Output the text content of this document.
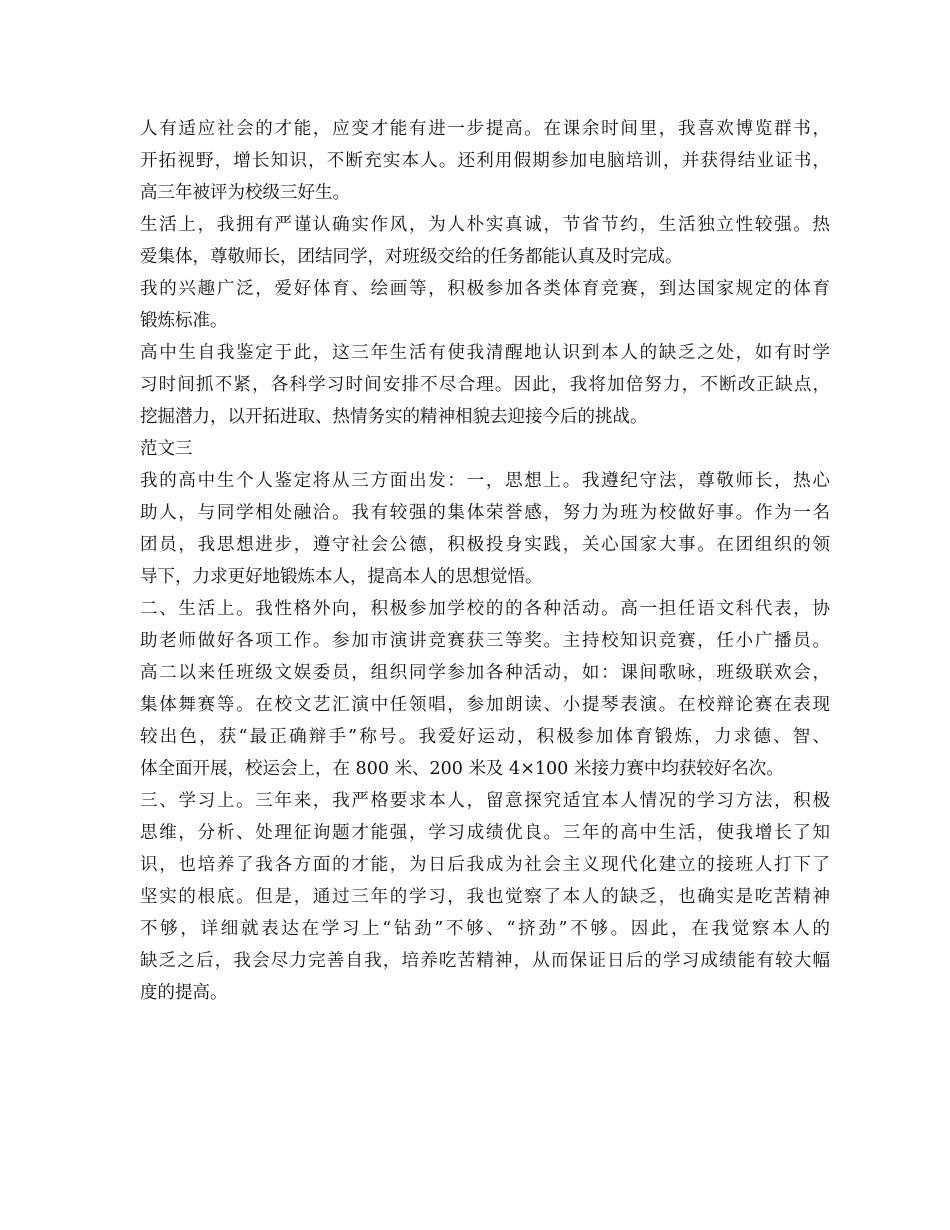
人有适应社会的才能，应变才能有进一步提高。在课余时间里，我喜欢博览群书，
开拓视野，增长知识，不断充实本人。还利用假期参加电脑培训，并获得结业证书，
高三年被评为校级三好生。
生活上，我拥有严谨认确实作风，为人朴实真诚，节省节约，生活独立性较强。热
爱集体，尊敬师长，团结同学，对班级交给的任务都能认真及时完成。
我的兴趣广泛，爱好体育、绘画等，积极参加各类体育竞赛，到达国家规定的体育
锻炼标准。
高中生自我鉴定于此，这三年生活有使我清醒地认识到本人的缺乏之处，如有时学
习时间抓不紧，各科学习时间安排不尽合理。因此，我将加倍努力，不断改正缺点，
挖掘潜力，以开拓进取、热情务实的精神相貌去迎接今后的挑战。
范文三
我的高中生个人鉴定将从三方面出发：一，思想上。我遵纪守法，尊敬师长，热心
助人，与同学相处融洽。我有较强的集体荣誉感，努力为班为校做好事。作为一名
团员，我思想进步，遵守社会公德，积极投身实践，关心国家大事。在团组织的领
导下，力求更好地锻炼本人，提高本人的思想觉悟。
二、生活上。我性格外向，积极参加学校的的各种活动。高一担任语文科代表，协
助老师做好各项工作。参加市演讲竞赛获三等奖。主持校知识竞赛，任小广播员。
高二以来任班级文娱委员，组织同学参加各种活动，如：课间歌咏，班级联欢会，
集体舞赛等。在校文艺汇演中任领唱，参加朗读、小提琴表演。在校辩论赛在表现
较出色，获“最正确辩手”称号。我爱好运动，积极参加体育锻炼，力求德、智、
体全面开展，校运会上，在 800 米、200 米及 4×100 米接力赛中均获较好名次。
三、学习上。三年来，我严格要求本人，留意探究适宜本人情况的学习方法，积极
思维，分析、处理征询题才能强，学习成绩优良。三年的高中生活，使我增长了知
识，也培养了我各方面的才能，为日后我成为社会主义现代化建立的接班人打下了
坚实的根底。但是，通过三年的学习，我也觉察了本人的缺乏，也确实是吃苦精神
不够，详细就表达在学习上“钻劲”不够、“挤劲”不够。因此，在我觉察本人的
缺乏之后，我会尽力完善自我，培养吃苦精神，从而保证日后的学习成绩能有较大幅
度的提高。
